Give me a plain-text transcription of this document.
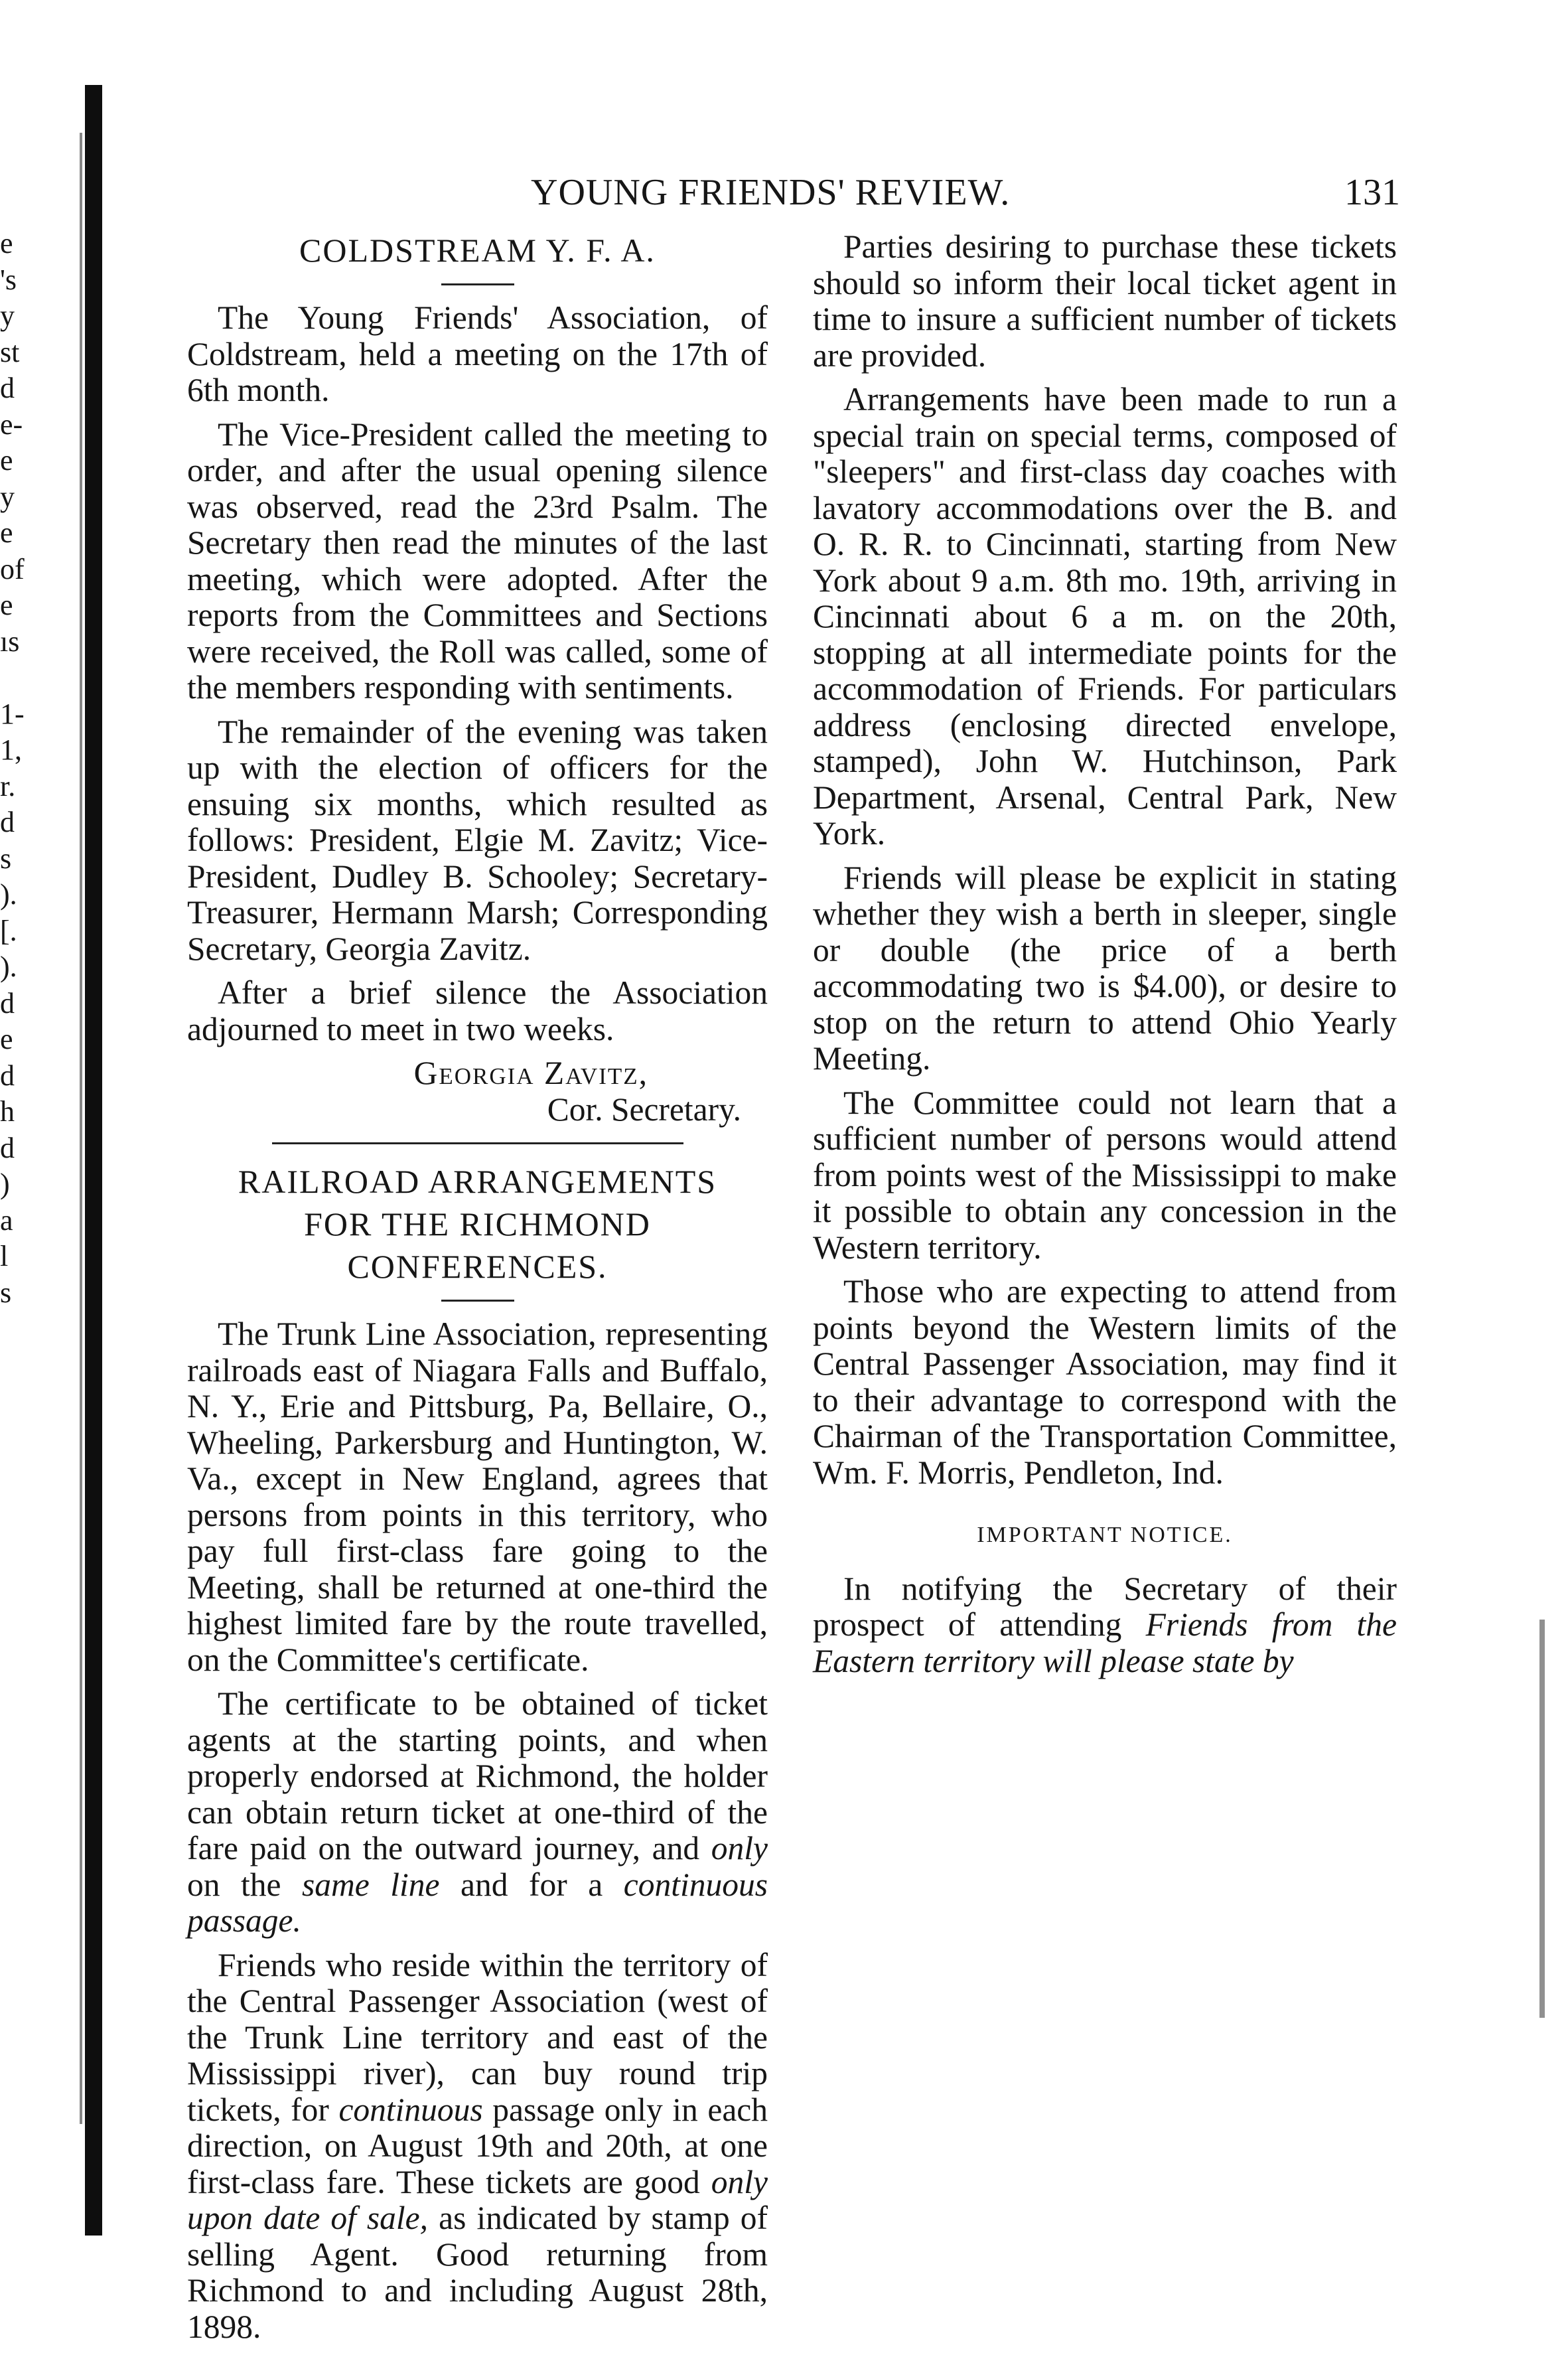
e
's
y
st
d
e-
e
y
e
of
e
ıs
1-
1,
r.
d
s
).
[.
).
d
e
d
h
d
)
a
l
s
YOUNG FRIENDS' REVIEW.	131
COLDSTREAM Y. F. A.

The Young Friends' Association, of Coldstream, held a meeting on the 17th of 6th month.

The Vice-President called the meeting to order, and after the usual opening silence was observed, read the 23rd Psalm. The Secretary then read the minutes of the last meeting, which were adopted. After the reports from the Committees and Sections were received, the Roll was called, some of the members responding with sentiments.

The remainder of the evening was taken up with the election of officers for the ensuing six months, which resulted as follows: President, Elgie M. Zavitz; Vice-President, Dudley B. Schooley; Secretary-Treasurer, Hermann Marsh; Corresponding Secretary, Georgia Zavitz.

After a brief silence the Association adjourned to meet in two weeks.

Georgia Zavitz,

Cor. Secretary.

RAILROAD ARRANGEMENTS
FOR THE RICHMOND
CONFERENCES.

The Trunk Line Association, representing railroads east of Niagara Falls and Buffalo, N. Y., Erie and Pittsburg, Pa, Bellaire, O., Wheeling, Parkersburg and Huntington, W. Va., except in New England, agrees that persons from points in this territory, who pay full first-class fare going to the Meeting, shall be returned at one-third the highest limited fare by the route travelled, on the Committee's certificate.

The certificate to be obtained of ticket agents at the starting points, and when properly endorsed at Richmond, the holder can obtain return ticket at one-third of the fare paid on the outward journey, and only on the same line and for a continuous passage.

Friends who reside within the territory of the Central Passenger Association (west of the Trunk Line territory and east of the Mississippi river), can buy round trip tickets, for continuous passage only in each direction, on August 19th and 20th, at one first-class fare. These tickets are good only upon date of sale, as indicated by stamp of selling Agent. Good returning from Richmond to and including August 28th, 1898.

Parties desiring to purchase these tickets should so inform their local ticket agent in time to insure a sufficient number of tickets are provided.

Arrangements have been made to run a special train on special terms, composed of "sleepers" and first-class day coaches with lavatory accommodations over the B. and O. R. R. to Cincinnati, starting from New York about 9 a.m. 8th mo. 19th, arriving in Cincinnati about 6 a m. on the 20th, stopping at all intermediate points for the accommodation of Friends. For particulars address (enclosing directed envelope, stamped), John W. Hutchinson, Park Department, Arsenal, Central Park, New York.

Friends will please be explicit in stating whether they wish a berth in sleeper, single or double (the price of a berth accommodating two is $4.00), or desire to stop on the return to attend Ohio Yearly Meeting.

The Committee could not learn that a sufficient number of persons would attend from points west of the Mississippi to make it possible to obtain any concession in the Western territory.

Those who are expecting to attend from points beyond the Western limits of the Central Passenger Association, may find it to their advantage to correspond with the Chairman of the Transportation Committee, Wm. F. Morris, Pendleton, Ind.

IMPORTANT NOTICE.

In notifying the Secretary of their prospect of attending Friends from the Eastern territory will please state by
